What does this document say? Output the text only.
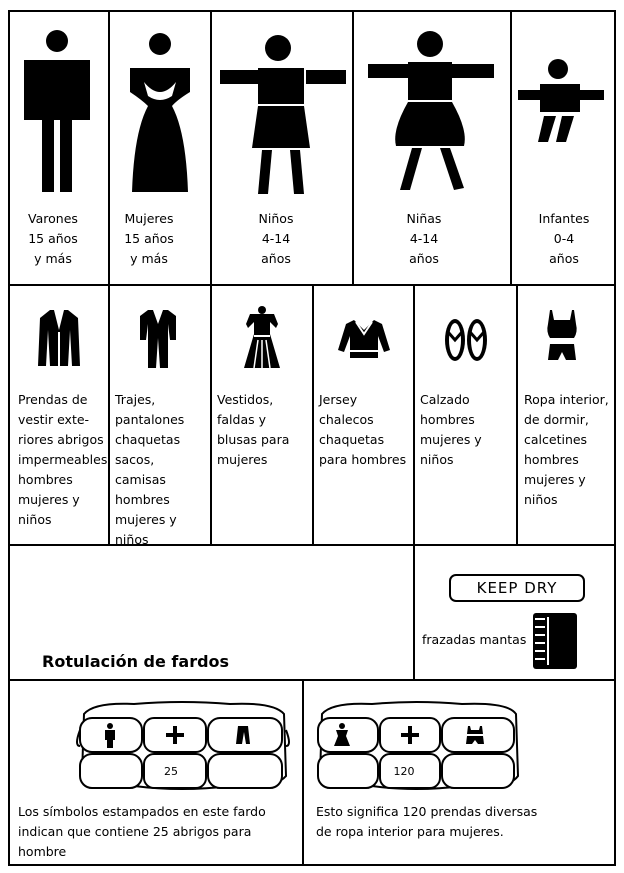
Varones
15 años
y más
Mujeres
15 años
y más
Niños
4-14
años
Niñas
4-14
años
Infantes
0-4
años
Prendas de
vestir exte-
riores abrigos
impermeables
hombres
mujeres y
niños
Trajes,
pantalones
chaquetas
sacos, camisas
hombres
mujeres y
niños
Vestidos,
faldas y
blusas para
mujeres
Jersey
chalecos
chaquetas
para hombres
Calzado
hombres
mujeres y
niños
Ropa interior,
de dormir,
calcetines
hombres
mujeres y
niños
Rotulación de fardos
KEEP DRY
frazadas mantas
25	120
Los símbolos estampados en este fardo
indican que contiene 25 abrigos para hombre
Esto significa 120 prendas diversas
de ropa interior para mujeres.
